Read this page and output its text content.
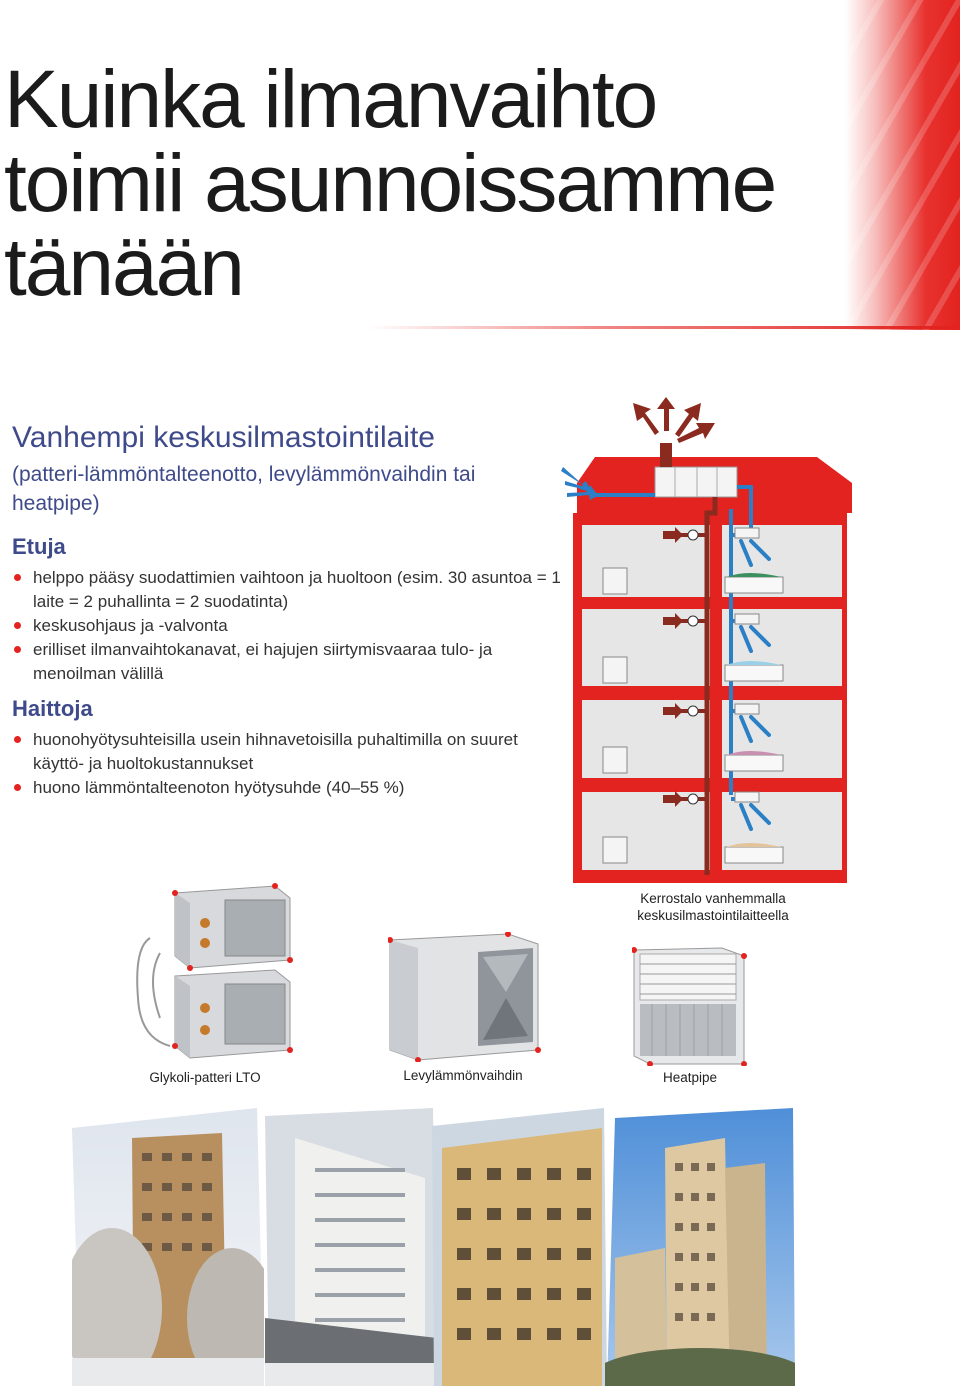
Kuinka ilmanvaihto
toimii asunnoissamme
tänään
Vanhempi keskusilmastointilaite
(patteri-lämmöntalteenotto, levylämmönvaihdin tai
heatpipe)
Etuja
helppo pääsy suodattimien vaihtoon ja huoltoon (esim. 30 asuntoa = 1 laite = 2 puhallinta = 2 suodatinta)
keskusohjaus ja -valvonta
erilliset ilmanvaihtokanavat, ei hajujen siirtymisvaaraa tulo- ja menoilman välillä
Haittoja
huonohyötysuhteisilla usein hihnavetoisilla puhaltimilla on suuret käyttö- ja huoltokustannukset
huono lämmöntalteenoton hyötysuhde (40–55 %)
Kerrostalo vanhemmalla
keskusilmastointilaitteella
Glykoli-patteri LTO	Levylämmönvaihdin	Heatpipe
